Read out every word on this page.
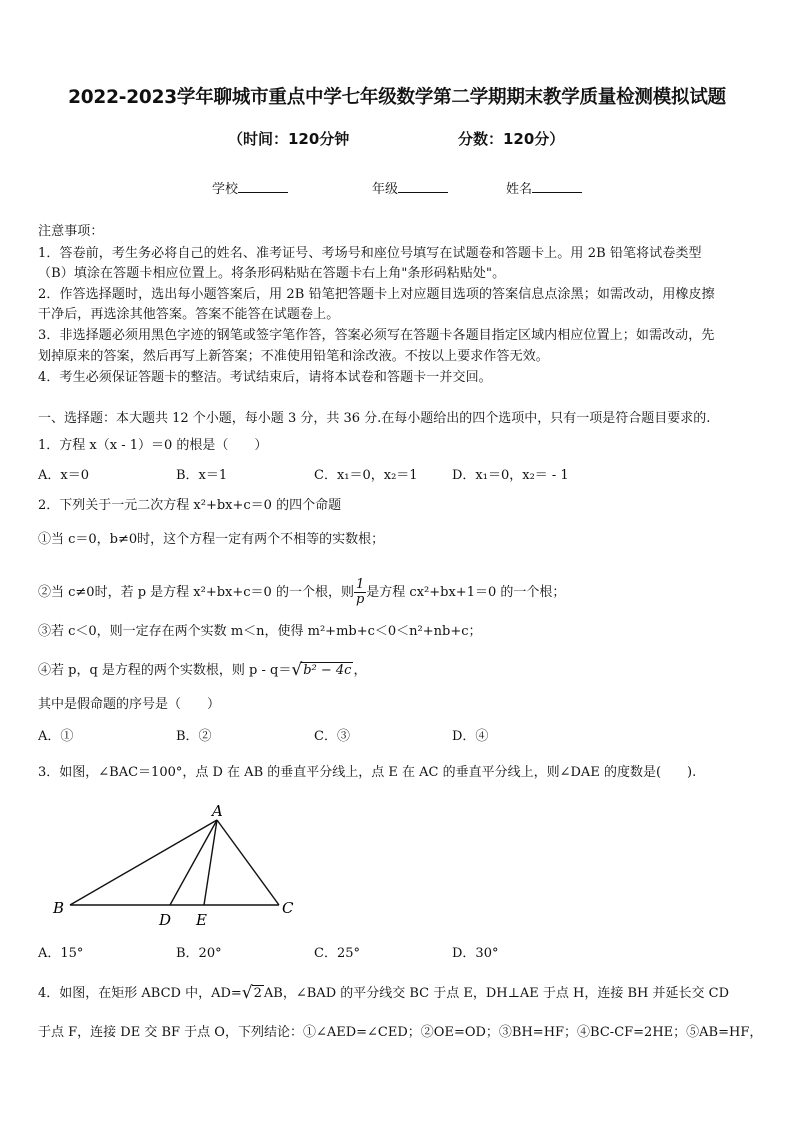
2022-2023学年聊城市重点中学七年级数学第二学期期末教学质量检测模拟试题
（时间：120分钟	分数：120分）
学校	年级	姓名
注意事项：
1．答卷前，考生务必将自己的姓名、准考证号、考场号和座位号填写在试题卷和答题卡上。用 2B 铅笔将试卷类型
（B）填涂在答题卡相应位置上。将条形码粘贴在答题卡右上角"条形码粘贴处"。
2．作答选择题时，选出每小题答案后，用 2B 铅笔把答题卡上对应题目选项的答案信息点涂黑；如需改动，用橡皮擦
干净后，再选涂其他答案。答案不能答在试题卷上。
3．非选择题必须用黑色字迹的钢笔或签字笔作答，答案必须写在答题卡各题目指定区域内相应位置上；如需改动，先
划掉原来的答案，然后再写上新答案；不准使用铅笔和涂改液。不按以上要求作答无效。
4．考生必须保证答题卡的整洁。考试结束后，请将本试卷和答题卡一并交回。
一、选择题：本大题共 12 个小题，每小题 3 分，共 36 分.在每小题给出的四个选项中，只有一项是符合题目要求的.
1．方程 x（x - 1）＝0 的根是（　　）
A．x＝0	B．x＝1	C．x₁＝0，x₂＝1	D．x₁＝0，x₂＝ - 1
2．下列关于一元二次方程 x²+bx+c＝0 的四个命题
①当 c＝0，b≠0时，这个方程一定有两个不相等的实数根；
②当 c≠0时，若 p 是方程 x²+bx+c＝0 的一个根，则 $\frac{1}{p}$ 是方程 cx²+bx+1＝0 的一个根；
③若 c＜0，则一定存在两个实数 m＜n，使得 m²+mb+c＜0＜n²+nb+c；
④若 p，q 是方程的两个实数根，则 p - q＝√b² − 4c ，
其中是假命题的序号是（　　）
A．①	B．②	C．③	D．④
3．如图，∠BAC＝100°，点 D 在 AB 的垂直平分线上，点 E 在 AC 的垂直平分线上，则∠DAE 的度数是(　　).
A
B	C
D E
A．15°	B．20°	C．25°	D．30°
4．如图，在矩形 ABCD 中，AD=√2 AB，∠BAD 的平分线交 BC 于点 E，DH⊥AE 于点 H，连接 BH 并延长交 CD
于点 F，连接 DE 交 BF 于点 O，下列结论：①∠AED=∠CED；②OE=OD；③BH=HF；④BC-CF=2HE；⑤AB=HF，
